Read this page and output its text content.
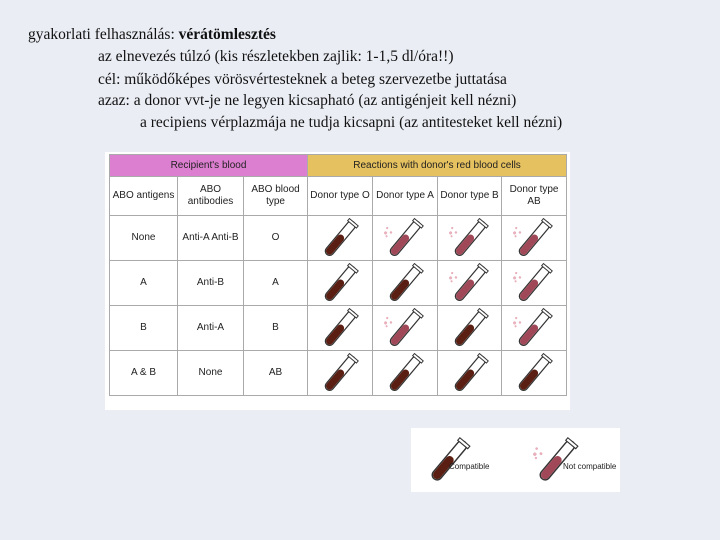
gyakorlati felhasználás: vérátömlesztés
az elnevezés túlzó (kis részletekben zajlik: 1-1,5 dl/óra!!)
cél: működőképes vörösvértesteknek a beteg szervezetbe juttatása
azaz: a donor vvt-je ne legyen kicsapható (az antigénjeit kell nézni)
a recipiens vérplazmája ne tudja kicsapni (az antitesteket kell nézni)
Recipient's blood			Reactions with donor's red blood cells			
ABO antigens	ABO antibodies	ABO blood type	Donor type O	Donor type A	Donor type B	Donor type AB
None	Anti-A Anti-B	O	

A	Anti-B	A	

B	Anti-A	B	

A & B	None	AB	

Compatible	Not compatible
